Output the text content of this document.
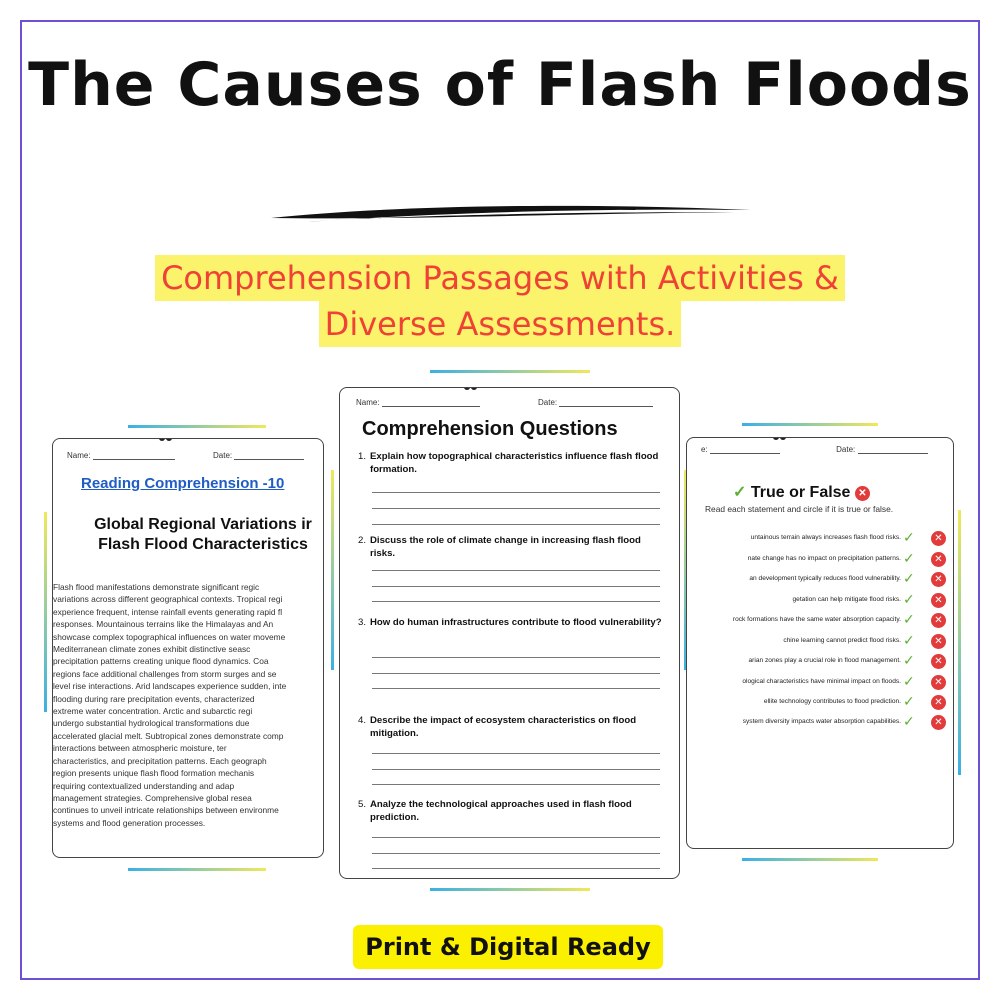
The Causes of Flash Floods
Comprehension Passages with Activities &
Diverse Assessments.
Name:	Date:
Reading Comprehension -10
Global Regional Variations ir
Flash Flood Characteristics
Flash flood manifestations demonstrate significant regic
variations across different geographical contexts. Tropical regi
experience frequent, intense rainfall events generating rapid fl
responses. Mountainous terrains like the Himalayas and An
showcase complex topographical influences on water moveme
Mediterranean climate zones exhibit distinctive seasc
precipitation patterns creating unique flood dynamics. Coa
regions face additional challenges from storm surges and se
level rise interactions. Arid landscapes experience sudden, inte
flooding during rare precipitation events, characterized
extreme water concentration. Arctic and subarctic regi
undergo substantial hydrological transformations due
accelerated glacial melt. Subtropical zones demonstrate comp
interactions between atmospheric moisture, ter
characteristics, and precipitation patterns. Each geograph
region presents unique flash flood formation mechanis
requiring contextualized understanding and adap
management strategies. Comprehensive global resea
continues to unveil intricate relationships between environme
systems and flood generation processes.
Name:	Date:
Comprehension Questions
1. Explain how topographical characteristics influence flash flood formation.
2. Discuss the role of climate change in increasing flash flood risks.
3. How do human infrastructures contribute to flood vulnerability?
4. Describe the impact of ecosystem characteristics on flood mitigation.
5. Analyze the technological approaches used in flash flood prediction.
e:	Date:
✓ True or False ✕
Read each statement and circle if it is true or false.
untainous terrain always increases flash flood risks. ✓	✕
nate change has no impact on precipitation patterns. ✓	✕
an development typically reduces flood vulnerability. ✓	✕
getation can help mitigate flood risks. ✓	✕
rock formations have the same water absorption capacity. ✓	✕
chine learning cannot predict flood risks. ✓	✕
arian zones play a crucial role in flood management. ✓	✕
ological characteristics have minimal impact on floods. ✓	✕
ellite technology contributes to flood prediction. ✓	✕
system diversity impacts water absorption capabilities. ✓	✕
Print & Digital Ready
